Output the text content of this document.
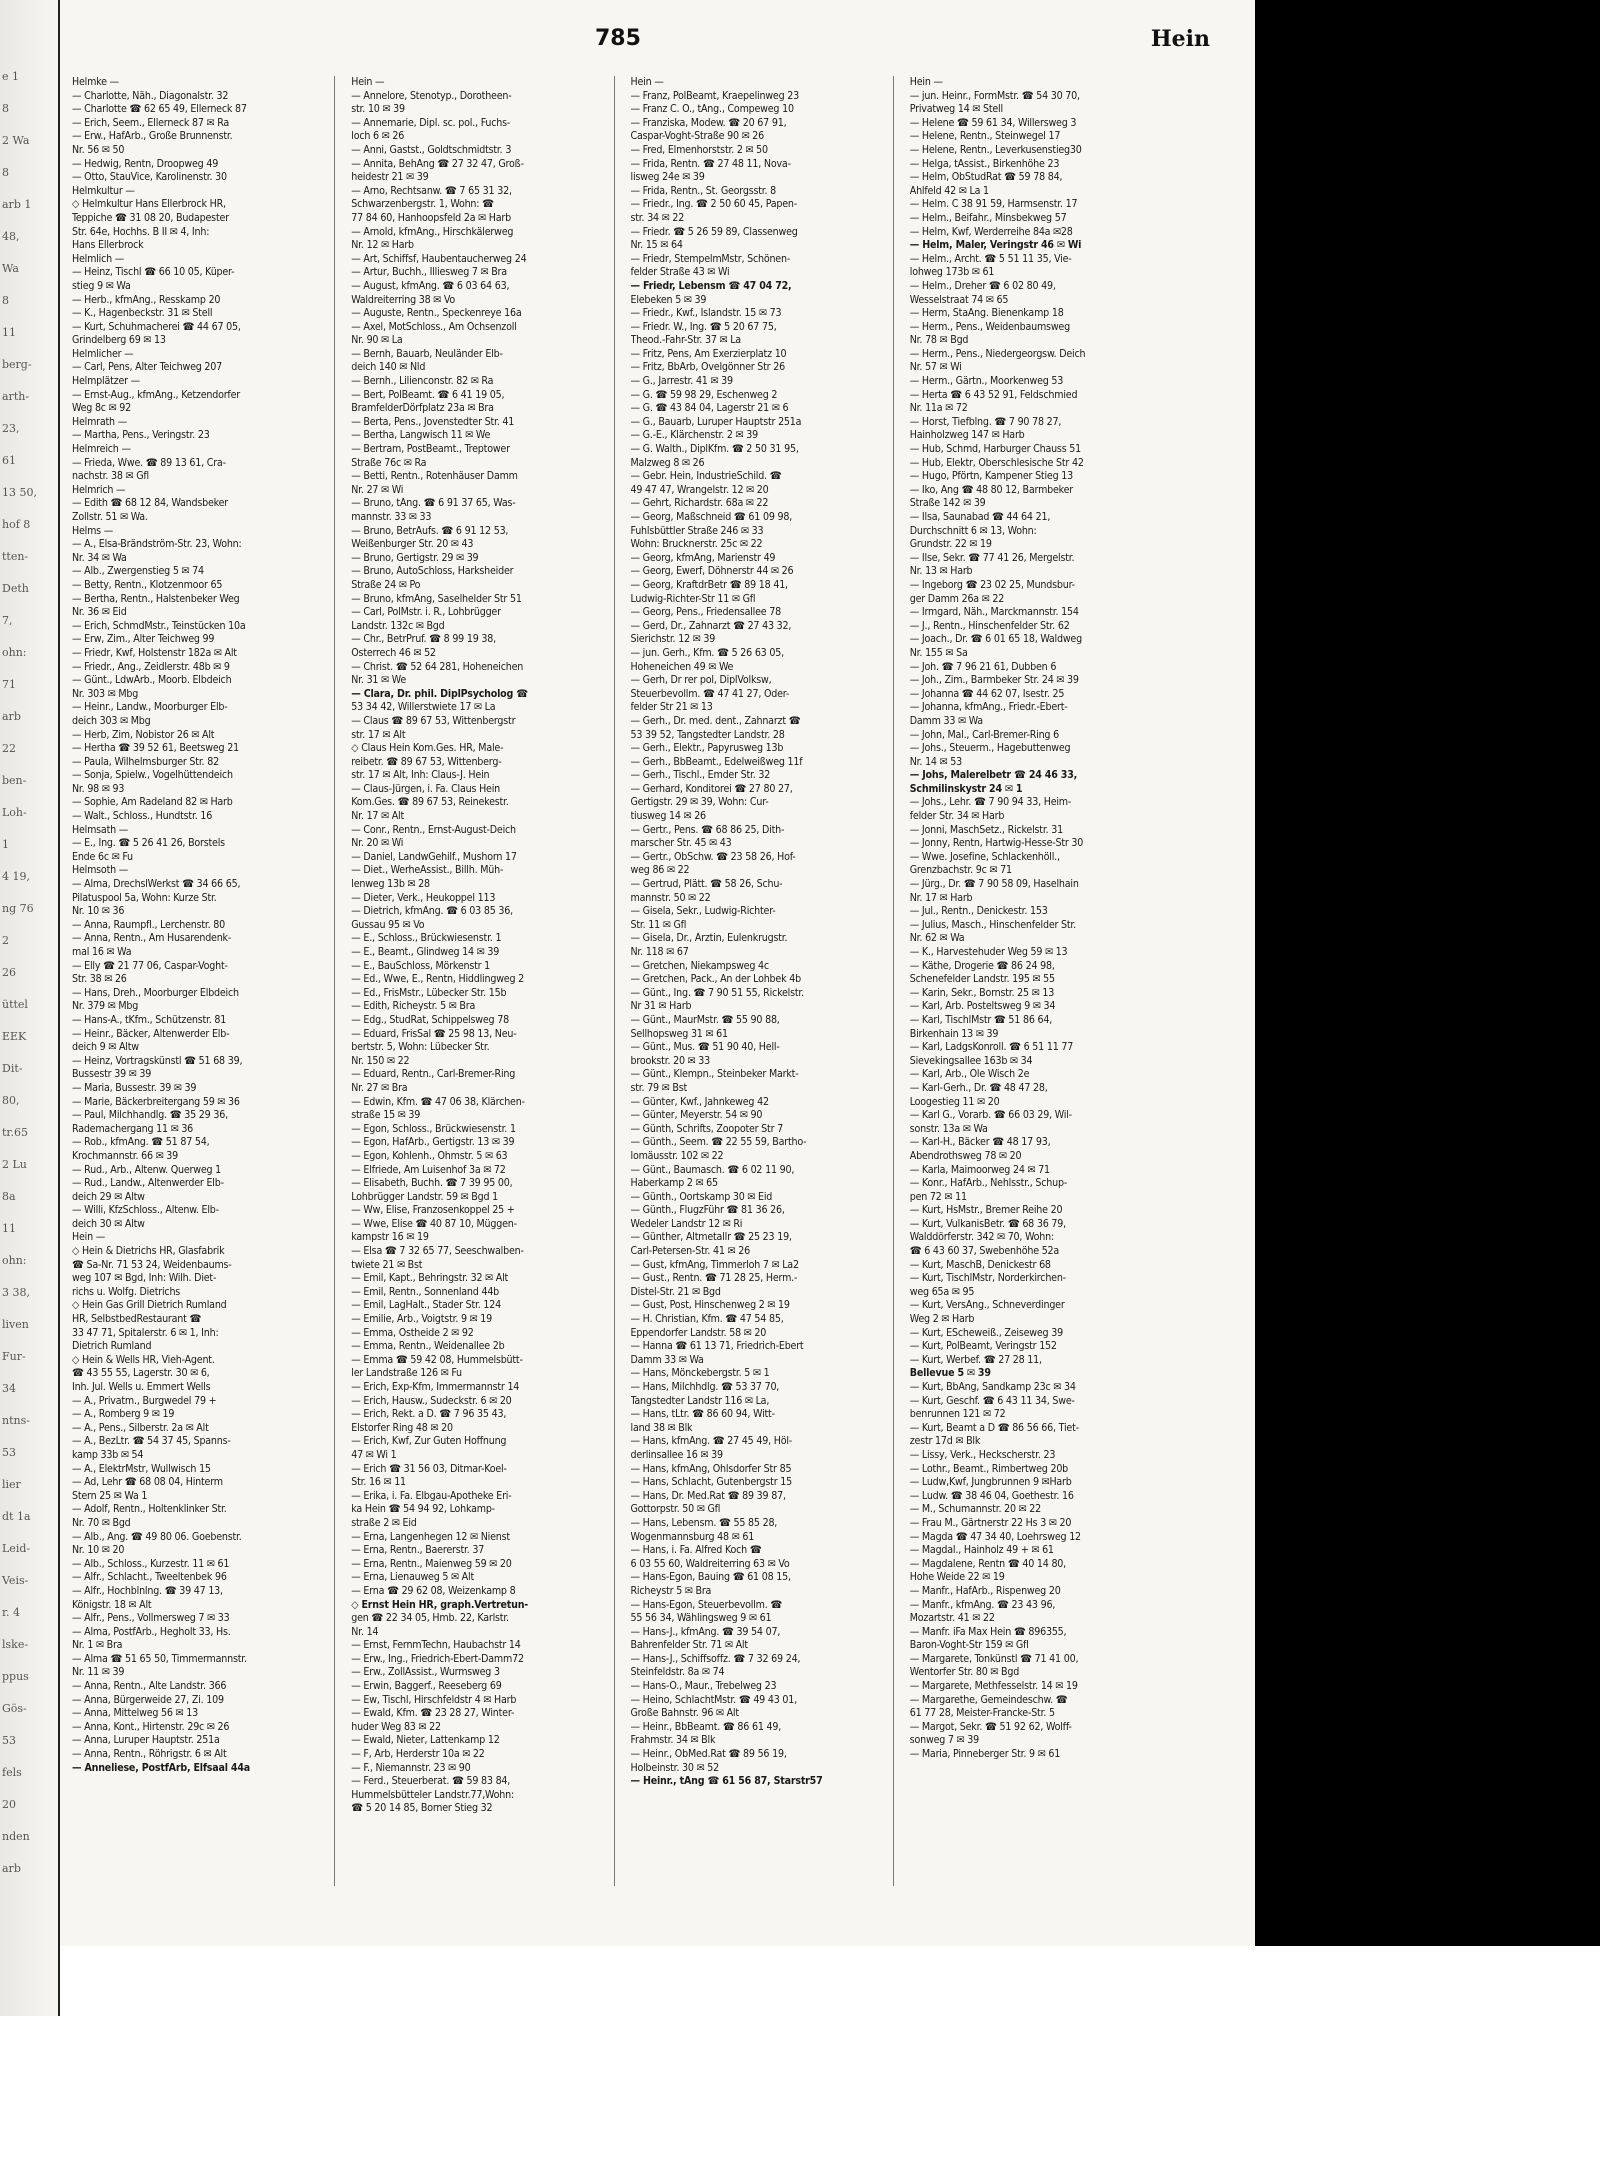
e 1
8
2 Wa
8
arb 1
48,
Wa
8
11
berg-
arth-
23,
61
13 50,
hof 8
tten-
Deth
7,
ohn:
71
arb
22
ben-
Loh-
1
4 19,
ng 76
2
26
üttel
EEK
Dit-
80,
tr.65
2 Lu
8a
11
ohn:
3 38,
liven
Fur-
34
ntns-
53
lier
dt 1a
Leid-
Veis-
r. 4
lske-
ppus
Gös-
53
fels
20
nden
arb
785	Hein
Helmke —
— Charlotte, Näh., Diagonalstr. 32
— Charlotte ☎ 62 65 49, Ellerneck 87
— Erich, Seem., Ellerneck 87 ✉ Ra
— Erw., HafArb., Große Brunnenstr.
Nr. 56 ✉ 50
— Hedwig, Rentn, Droopweg 49
— Otto, StauVice, Karolinenstr. 30
Helmkultur —
◇ Helmkultur Hans Ellerbrock HR,
Teppiche ☎ 31 08 20, Budapester
Str. 64e, Hochhs. B II ✉ 4, Inh:
Hans Ellerbrock
Helmlich —
— Heinz, Tischl ☎ 66 10 05, Küper-
stieg 9 ✉ Wa
— Herb., kfmAng., Resskamp 20
— K., Hagenbeckstr. 31 ✉ Stell
— Kurt, Schuhmacherei ☎ 44 67 05,
Grindelberg 69 ✉ 13
Helmlicher —
— Carl, Pens, Alter Teichweg 207
Helmplätzer —
— Ernst-Aug., kfmAng., Ketzendorfer
Weg 8c ✉ 92
Helmrath —
— Martha, Pens., Veringstr. 23
Helmreich —
— Frieda, Wwe. ☎ 89 13 61, Cra-
nachstr. 38 ✉ Gfl
Helmrich —
— Edith ☎ 68 12 84, Wandsbeker
Zollstr. 51 ✉ Wa.
Helms —
— A., Elsa-Brändström-Str. 23, Wohn:
Nr. 34 ✉ Wa
— Alb., Zwergenstieg 5 ✉ 74
— Betty, Rentn., Klotzenmoor 65
— Bertha, Rentn., Halstenbeker Weg
Nr. 36 ✉ Eid
— Erich, SchmdMstr., Teinstücken 10a
— Erw, Zim., Alter Teichweg 99
— Friedr, Kwf, Holstenstr 182a ✉ Alt
— Friedr., Ang., Zeidlerstr. 48b ✉ 9
— Günt., LdwArb., Moorb. Elbdeich
Nr. 303 ✉ Mbg
— Heinr., Landw., Moorburger Elb-
deich 303 ✉ Mbg
— Herb, Zim, Nobistor 26 ✉ Alt
— Hertha ☎ 39 52 61, Beetsweg 21
— Paula, Wilhelmsburger Str. 82
— Sonja, Spielw., Vogelhüttendeich
Nr. 98 ✉ 93
— Sophie, Am Radeland 82 ✉ Harb
— Walt., Schloss., Hundtstr. 16
Helmsath —
— E., Ing. ☎ 5 26 41 26, Borstels
Ende 6c ✉ Fu
Helmsoth —
— Alma, DrechslWerkst ☎ 34 66 65,
Pilatuspool 5a, Wohn: Kurze Str.
Nr. 10 ✉ 36
— Anna, Raumpfl., Lerchenstr. 80
— Anna, Rentn., Am Husarendenk-
mal 16 ✉ Wa
— Elly ☎ 21 77 06, Caspar-Voght-
Str. 38 ✉ 26
— Hans, Dreh., Moorburger Elbdeich
Nr. 379 ✉ Mbg
— Hans-A., tKfm., Schützenstr. 81
— Heinr., Bäcker, Altenwerder Elb-
deich 9 ✉ Altw
— Heinz, Vortragskünstl ☎ 51 68 39,
Bussestr 39 ✉ 39
— Maria, Bussestr. 39 ✉ 39
— Marie, Bäckerbreitergang 59 ✉ 36
— Paul, Milchhandlg. ☎ 35 29 36,
Rademachergang 11 ✉ 36
— Rob., kfmAng. ☎ 51 87 54,
Krochmannstr. 66 ✉ 39
— Rud., Arb., Altenw. Querweg 1
— Rud., Landw., Altenwerder Elb-
deich 29 ✉ Altw
— Willi, KfzSchloss., Altenw. Elb-
deich 30 ✉ Altw
Hein —
◇ Hein & Dietrichs HR, Glasfabrik
☎ Sa-Nr. 71 53 24, Weidenbaums-
weg 107 ✉ Bgd, Inh: Wilh. Diet-
richs u. Wolfg. Dietrichs
◇ Hein Gas Grill Dietrich Rumland
HR, SelbstbedRestaurant ☎
33 47 71, Spitalerstr. 6 ✉ 1, Inh:
Dietrich Rumland
◇ Hein & Wells HR, Vieh-Agent.
☎ 43 55 55, Lagerstr. 30 ✉ 6,
Inh. Jul. Wells u. Emmert Wells
— A., Privatm., Burgwedel 79 +
— A., Romberg 9 ✉ 19
— A., Pens., Silberstr. 2a ✉ Alt
— A., BezLtr. ☎ 54 37 45, Spanns-
kamp 33b ✉ 54
— A., ElektrMstr, Wullwisch 15
— Ad, Lehr ☎ 68 08 04, Hinterm
Stern 25 ✉ Wa 1
— Adolf, Rentn., Holtenklinker Str.
Nr. 70 ✉ Bgd
— Alb., Ang. ☎ 49 80 06. Goebenstr.
Nr. 10 ✉ 20
— Alb., Schloss., Kurzestr. 11 ✉ 61
— Alfr., Schlacht., Tweeltenbek 96
— Alfr., Hochblnlng. ☎ 39 47 13,
Königstr. 18 ✉ Alt
— Alfr., Pens., Vollmersweg 7 ✉ 33
— Alma, PostfArb., Hegholt 33, Hs.
Nr. 1 ✉ Bra
— Alma ☎ 51 65 50, Timmermannstr.
Nr. 11 ✉ 39
— Anna, Rentn., Alte Landstr. 366
— Anna, Bürgerweide 27, Zi. 109
— Anna, Mittelweg 56 ✉ 13
— Anna, Kont., Hirtenstr. 29c ✉ 26
— Anna, Luruper Hauptstr. 251a
— Anna, Rentn., Röhrigstr. 6 ✉ Alt
— Anneliese, PostfArb, Elfsaal 44a
Hein —
— Annelore, Stenotyp., Dorotheen-
str. 10 ✉ 39
— Annemarie, Dipl. sc. pol., Fuchs-
loch 6 ✉ 26
— Anni, Gastst., Goldtschmidtstr. 3
— Annita, BehAng ☎ 27 32 47, Groß-
heidestr 21 ✉ 39
— Arno, Rechtsanw. ☎ 7 65 31 32,
Schwarzenbergstr. 1, Wohn: ☎
77 84 60, Hanhoopsfeld 2a ✉ Harb
— Arnold, kfmAng., Hirschkälerweg
Nr. 12 ✉ Harb
— Art, Schiffsf, Haubentaucherweg 24
— Artur, Buchh., Illiesweg 7 ✉ Bra
— August, kfmAng. ☎ 6 03 64 63,
Waldreiterring 38 ✉ Vo
— Auguste, Rentn., Speckenreye 16a
— Axel, MotSchloss., Am Ochsenzoll
Nr. 90 ✉ La
— Bernh, Bauarb, Neuländer Elb-
deich 140 ✉ Nld
— Bernh., Lilienconstr. 82 ✉ Ra
— Bert, PolBeamt. ☎ 6 41 19 05,
BramfelderDörfplatz 23a ✉ Bra
— Berta, Pens., Jovenstedter Str. 41
— Bertha, Langwisch 11 ✉ We
— Bertram, PostBeamt., Treptower
Straße 76c ✉ Ra
— Betti, Rentn., Rotenhäuser Damm
Nr. 27 ✉ Wi
— Bruno, tAng. ☎ 6 91 37 65, Was-
mannstr. 33 ✉ 33
— Bruno, BetrAufs. ☎ 6 91 12 53,
Weißenburger Str. 20 ✉ 43
— Bruno, Gertigstr. 29 ✉ 39
— Bruno, AutoSchloss, Harksheider
Straße 24 ✉ Po
— Bruno, kfmAng, Saselhelder Str 51
— Carl, PolMstr. i. R., Lohbrügger
Landstr. 132c ✉ Bgd
— Chr., BetrPruf. ☎ 8 99 19 38,
Osterrech 46 ✉ 52
— Christ. ☎ 52 64 281, Hoheneichen
Nr. 31 ✉ We
— Clara, Dr. phil. DiplPsycholog ☎
53 34 42, Willerstwiete 17 ✉ La
— Claus ☎ 89 67 53, Wittenbergstr
str. 17 ✉ Alt
◇ Claus Hein Kom.Ges. HR, Male-
reibetr. ☎ 89 67 53, Wittenberg-
str. 17 ✉ Alt, Inh: Claus-J. Hein
— Claus-Jürgen, i. Fa. Claus Hein
Kom.Ges. ☎ 89 67 53, Reinekestr.
Nr. 17 ✉ Alt
— Conr., Rentn., Ernst-August-Deich
Nr. 20 ✉ Wi
— Daniel, LandwGehilf., Mushorn 17
— Diet., WerheAssist., Billh. Müh-
lenweg 13b ✉ 28
— Dieter, Verk., Heukoppel 113
— Dietrich, kfmAng. ☎ 6 03 85 36,
Gussau 95 ✉ Vo
— E., Schloss., Brückwiesenstr. 1
— E., Beamt., Glindweg 14 ✉ 39
— E., BauSchloss, Mörkenstr 1
— Ed., Wwe, E., Rentn, Hiddlingweg 2
— Ed., FrisMstr., Lübecker Str. 15b
— Edith, Richeystr. 5 ✉ Bra
— Edg., StudRat, Schippelsweg 78
— Eduard, FrisSal ☎ 25 98 13, Neu-
bertstr. 5, Wohn: Lübecker Str.
Nr. 150 ✉ 22
— Eduard, Rentn., Carl-Bremer-Ring
Nr. 27 ✉ Bra
— Edwin, Kfm. ☎ 47 06 38, Klärchen-
straße 15 ✉ 39
— Egon, Schloss., Brückwiesenstr. 1
— Egon, HafArb., Gertigstr. 13 ✉ 39
— Egon, Kohlenh., Ohmstr. 5 ✉ 63
— Elfriede, Am Luisenhof 3a ✉ 72
— Elisabeth, Buchh. ☎ 7 39 95 00,
Lohbrügger Landstr. 59 ✉ Bgd 1
— Ww, Elise, Franzosenkoppel 25 +
— Wwe, Elise ☎ 40 87 10, Müggen-
kampstr 16 ✉ 19
— Elsa ☎ 7 32 65 77, Seeschwalben-
twiete 21 ✉ Bst
— Emil, Kapt., Behringstr. 32 ✉ Alt
— Emil, Rentn., Sonnenland 44b
— Emil, LagHalt., Stader Str. 124
— Emilie, Arb., Voigtstr. 9 ✉ 19
— Emma, Ostheide 2 ✉ 92
— Emma, Rentn., Weidenallee 2b
— Emma ☎ 59 42 08, Hummelsbütt-
ler Landstraße 126 ✉ Fu
— Erich, Exp-Kfm, Immermannstr 14
— Erich, Hausw., Sudeckstr. 6 ✉ 20
— Erich, Rekt. a D. ☎ 7 96 35 43,
Elstorfer Ring 48 ✉ 20
— Erich, Kwf, Zur Guten Hoffnung
47 ✉ Wi 1
— Erich ☎ 31 56 03, Ditmar-Koel-
Str. 16 ✉ 11
— Erika, i. Fa. Elbgau-Apotheke Eri-
ka Hein ☎ 54 94 92, Lohkamp-
straße 2 ✉ Eid
— Erna, Langenhegen 12 ✉ Nienst
— Erna, Rentn., Baererstr. 37
— Erna, Rentn., Maienweg 59 ✉ 20
— Erna, Lienauweg 5 ✉ Alt
— Erna ☎ 29 62 08, Weizenkamp 8
◇ Ernst Hein HR, graph.Vertretun-
gen ☎ 22 34 05, Hmb. 22, Karlstr.
Nr. 14
— Ernst, FernmTechn, Haubachstr 14
— Erw., Ing., Friedrich-Ebert-Damm72
— Erw., ZollAssist., Wurmsweg 3
— Erwin, Baggerf., Reeseberg 69
— Ew, Tischl, Hirschfeldstr 4 ✉ Harb
— Ewald, Kfm. ☎ 23 28 27, Winter-
huder Weg 83 ✉ 22
— Ewald, Nieter, Lattenkamp 12
— F, Arb, Herderstr 10a ✉ 22
— F., Niemannstr. 23 ✉ 90
— Ferd., Steuerberat. ☎ 59 83 84,
Hummelsbütteler Landstr.77,Wohn:
☎ 5 20 14 85, Borner Stieg 32
Hein —
— Franz, PolBeamt, Kraepelinweg 23
— Franz C. O., tAng., Compeweg 10
— Franziska, Modew. ☎ 20 67 91,
Caspar-Voght-Straße 90 ✉ 26
— Fred, Elmenhorststr. 2 ✉ 50
— Frida, Rentn. ☎ 27 48 11, Nova-
lisweg 24e ✉ 39
— Frida, Rentn., St. Georgsstr. 8
— Friedr., Ing. ☎ 2 50 60 45, Papen-
str. 34 ✉ 22
— Friedr. ☎ 5 26 59 89, Classenweg
Nr. 15 ✉ 64
— Friedr, StempelmMstr, Schönen-
felder Straße 43 ✉ Wi
— Friedr, Lebensm ☎ 47 04 72,
Elebeken 5 ✉ 39
— Friedr., Kwf., Islandstr. 15 ✉ 73
— Friedr. W., Ing. ☎ 5 20 67 75,
Theod.-Fahr-Str. 37 ✉ La
— Fritz, Pens, Am Exerzierplatz 10
— Fritz, BbArb, Ovelgönner Str 26
— G., Jarrestr. 41 ✉ 39
— G. ☎ 59 98 29, Eschenweg 2
— G. ☎ 43 84 04, Lagerstr 21 ✉ 6
— G., Bauarb, Luruper Hauptstr 251a
— G.-E., Klärchenstr. 2 ✉ 39
— G. Walth., DiplKfm. ☎ 2 50 31 95,
Malzweg 8 ✉ 26
— Gebr. Hein, IndustrieSchild. ☎
49 47 47, Wrangelstr. 12 ✉ 20
— Gehrt, Richardstr. 68a ✉ 22
— Georg, Maßschneid ☎ 61 09 98,
Fuhlsbüttler Straße 246 ✉ 33
Wohn: Brucknerstr. 25c ✉ 22
— Georg, kfmAng, Marienstr 49
— Georg, Ewerf, Döhnerstr 44 ✉ 26
— Georg, KraftdrBetr ☎ 89 18 41,
Ludwig-Richter-Str 11 ✉ Gfl
— Georg, Pens., Friedensallee 78
— Gerd, Dr., Zahnarzt ☎ 27 43 32,
Sierichstr. 12 ✉ 39
— jun. Gerh., Kfm. ☎ 5 26 63 05,
Hoheneichen 49 ✉ We
— Gerh, Dr rer pol, DiplVolksw,
Steuerbevollm. ☎ 47 41 27, Oder-
felder Str 21 ✉ 13
— Gerh., Dr. med. dent., Zahnarzt ☎
53 39 52, Tangstedter Landstr. 28
— Gerh., Elektr., Papyrusweg 13b
— Gerh., BbBeamt., Edelweißweg 11f
— Gerh., Tischl., Emder Str. 32
— Gerhard, Konditorei ☎ 27 80 27,
Gertigstr. 29 ✉ 39, Wohn: Cur-
tiusweg 14 ✉ 26
— Gertr., Pens. ☎ 68 86 25, Dith-
marscher Str. 45 ✉ 43
— Gertr., ObSchw. ☎ 23 58 26, Hof-
weg 86 ✉ 22
— Gertrud, Plätt. ☎ 58 26, Schu-
mannstr. 50 ✉ 22
— Gisela, Sekr., Ludwig-Richter-
Str. 11 ✉ Gfl
— Gisela, Dr., Ärztin, Eulenkrugstr.
Nr. 118 ✉ 67
— Gretchen, Niekampsweg 4c
— Gretchen, Pack., An der Lohbek 4b
— Günt., Ing. ☎ 7 90 51 55, Rickelstr.
Nr 31 ✉ Harb
— Günt., MaurMstr. ☎ 55 90 88,
Sellhopsweg 31 ✉ 61
— Günt., Mus. ☎ 51 90 40, Hell-
brookstr. 20 ✉ 33
— Günt., Klempn., Steinbeker Markt-
str. 79 ✉ Bst
— Günter, Kwf., Jahnkeweg 42
— Günter, Meyerstr. 54 ✉ 90
— Günth, Schrifts, Zoopoter Str 7
— Günth., Seem. ☎ 22 55 59, Bartho-
lomäusstr. 102 ✉ 22
— Günt., Baumasch. ☎ 6 02 11 90,
Haberkamp 2 ✉ 65
— Günth., Oortskamp 30 ✉ Eid
— Günth., FlugzFühr ☎ 81 36 26,
Wedeler Landstr 12 ✉ Ri
— Günther, Altmetallr ☎ 25 23 19,
Carl-Petersen-Str. 41 ✉ 26
— Gust, kfmAng, Timmerloh 7 ✉ La2
— Gust., Rentn. ☎ 71 28 25, Herm.-
Distel-Str. 21 ✉ Bgd
— Gust, Post, Hinschenweg 2 ✉ 19
— H. Christian, Kfm. ☎ 47 54 85,
Eppendorfer Landstr. 58 ✉ 20
— Hanna ☎ 61 13 71, Friedrich-Ebert
Damm 33 ✉ Wa
— Hans, Mönckebergstr. 5 ✉ 1
— Hans, Milchhdlg. ☎ 53 37 70,
Tangstedter Landstr 116 ✉ La,
— Hans, tLtr. ☎ 86 60 94, Witt-
land 38 ✉ Blk
— Hans, kfmAng. ☎ 27 45 49, Höl-
derlinsallee 16 ✉ 39
— Hans, kfmAng, Ohlsdorfer Str 85
— Hans, Schlacht, Gutenbergstr 15
— Hans, Dr. Med.Rat ☎ 89 39 87,
Gottorpstr. 50 ✉ Gfl
— Hans, Lebensm. ☎ 55 85 28,
Wogenmannsburg 48 ✉ 61
— Hans, i. Fa. Alfred Koch ☎
6 03 55 60, Waldreiterring 63 ✉ Vo
— Hans-Egon, Bauing ☎ 61 08 15,
Richeystr 5 ✉ Bra
— Hans-Egon, Steuerbevollm. ☎
55 56 34, Wählingsweg 9 ✉ 61
— Hans-J., kfmAng. ☎ 39 54 07,
Bahrenfelder Str. 71 ✉ Alt
— Hans-J., Schiffsoffz. ☎ 7 32 69 24,
Steinfeldstr. 8a ✉ 74
— Hans-O., Maur., Trebelweg 23
— Heino, SchlachtMstr. ☎ 49 43 01,
Große Bahnstr. 96 ✉ Alt
— Heinr., BbBeamt. ☎ 86 61 49,
Frahmstr. 34 ✉ Blk
— Heinr., ObMed.Rat ☎ 89 56 19,
Holbeinstr. 30 ✉ 52
— Heinr., tAng ☎ 61 56 87, Starstr57
Hein —
— jun. Heinr., FormMstr. ☎ 54 30 70,
Privatweg 14 ✉ Stell
— Helene ☎ 59 61 34, Willersweg 3
— Helene, Rentn., Steinwegel 17
— Helene, Rentn., Leverkusenstieg30
— Helga, tAssist., Birkenhöhe 23
— Helm, ObStudRat ☎ 59 78 84,
Ahlfeld 42 ✉ La 1
— Helm. C 38 91 59, Harmsenstr. 17
— Helm., Beifahr., Minsbekweg 57
— Helm, Kwf, Werderreihe 84a ✉28
— Helm, Maler, Veringstr 46 ✉ Wi
— Helm., Archt. ☎ 5 51 11 35, Vie-
lohweg 173b ✉ 61
— Helm., Dreher ☎ 6 02 80 49,
Wesselstraat 74 ✉ 65
— Herm, StaAng. Bienenkamp 18
— Herm., Pens., Weidenbaumsweg
Nr. 78 ✉ Bgd
— Herm., Pens., Niedergeorgsw. Deich
Nr. 57 ✉ Wi
— Herm., Gärtn., Moorkenweg 53
— Herta ☎ 6 43 52 91, Feldschmied
Nr. 11a ✉ 72
— Horst, Tiefblng. ☎ 7 90 78 27,
Hainholzweg 147 ✉ Harb
— Hub, Schmd, Harburger Chauss 51
— Hub, Elektr, Oberschlesische Str 42
— Hugo, Pförtn, Kampener Stieg 13
— Iko, Ang ☎ 48 80 12, Barmbeker
Straße 142 ✉ 39
— Ilsa, Saunabad ☎ 44 64 21,
Durchschnitt 6 ✉ 13, Wohn:
Grundstr. 22 ✉ 19
— Ilse, Sekr. ☎ 77 41 26, Mergelstr.
Nr. 13 ✉ Harb
— Ingeborg ☎ 23 02 25, Mundsbur-
ger Damm 26a ✉ 22
— Irmgard, Näh., Marckmannstr. 154
— J., Rentn., Hinschenfelder Str. 62
— Joach., Dr. ☎ 6 01 65 18, Waldweg
Nr. 155 ✉ Sa
— Joh. ☎ 7 96 21 61, Dubben 6
— Joh., Zim., Barmbeker Str. 24 ✉ 39
— Johanna ☎ 44 62 07, Isestr. 25
— Johanna, kfmAng., Friedr.-Ebert-
Damm 33 ✉ Wa
— John, Mal., Carl-Bremer-Ring 6
— Johs., Steuerm., Hagebuttenweg
Nr. 14 ✉ 53
— Johs, Malerelbetr ☎ 24 46 33,
Schmilinskystr 24 ✉ 1
— Johs., Lehr. ☎ 7 90 94 33, Heim-
felder Str. 34 ✉ Harb
— Jonni, MaschSetz., Rickelstr. 31
— Jonny, Rentn, Hartwig-Hesse-Str 30
— Wwe. Josefine, Schlackenhöll.,
Grenzbachstr. 9c ✉ 71
— Jürg., Dr. ☎ 7 90 58 09, Haselhain
Nr. 17 ✉ Harb
— Jul., Rentn., Denickestr. 153
— Julius, Masch., Hinschenfelder Str.
Nr. 62 ✉ Wa
— K., Harvestehuder Weg 59 ✉ 13
— Käthe, Drogerie ☎ 86 24 98,
Schenefelder Landstr. 195 ✉ 55
— Karin, Sekr., Bornstr. 25 ✉ 13
— Karl, Arb. Posteltsweg 9 ✉ 34
— Karl, TischlMstr ☎ 51 86 64,
Birkenhain 13 ✉ 39
— Karl, LadgsKonroll. ☎ 6 51 11 77
Sievekingsallee 163b ✉ 34
— Karl, Arb., Ole Wisch 2e
— Karl-Gerh., Dr. ☎ 48 47 28,
Loogestieg 11 ✉ 20
— Karl G., Vorarb. ☎ 66 03 29, Wil-
sonstr. 13a ✉ Wa
— Karl-H., Bäcker ☎ 48 17 93,
Abendrothsweg 78 ✉ 20
— Karla, Maimoorweg 24 ✉ 71
— Konr., HafArb., Nehlsstr., Schup-
pen 72 ✉ 11
— Kurt, HsMstr., Bremer Reihe 20
— Kurt, VulkanisBetr. ☎ 68 36 79,
Walddörferstr. 342 ✉ 70, Wohn:
☎ 6 43 60 37, Swebenhöhe 52a
— Kurt, MaschB, Denickestr 68
— Kurt, TischlMstr, Norderkirchen-
weg 65a ✉ 95
— Kurt, VersAng., Schneverdinger
Weg 2 ✉ Harb
— Kurt, EScheweiß., Zeiseweg 39
— Kurt, PolBeamt, Veringstr 152
— Kurt, Werbef. ☎ 27 28 11,
Bellevue 5 ✉ 39
— Kurt, BbAng, Sandkamp 23c ✉ 34
— Kurt, Geschf. ☎ 6 43 11 34, Swe-
benrunnen 121 ✉ 72
— Kurt, Beamt a D ☎ 86 56 66, Tiet-
zestr 17d ✉ Blk
— Lissy, Verk., Heckscherstr. 23
— Lothr., Beamt., Rimbertweg 20b
— Ludw,Kwf, Jungbrunnen 9 ✉Harb
— Ludw. ☎ 38 46 04, Goethestr. 16
— M., Schumannstr. 20 ✉ 22
— Frau M., Gärtnerstr 22 Hs 3 ✉ 20
— Magda ☎ 47 34 40, Loehrsweg 12
— Magdal., Hainholz 49 + ✉ 61
— Magdalene, Rentn ☎ 40 14 80,
Hohe Weide 22 ✉ 19
— Manfr., HafArb., Rispenweg 20
— Manfr., kfmAng. ☎ 23 43 96,
Mozartstr. 41 ✉ 22
— Manfr. iFa Max Hein ☎ 896355,
Baron-Voght-Str 159 ✉ Gfl
— Margarete, Tonkünstl ☎ 71 41 00,
Wentorfer Str. 80 ✉ Bgd
— Margarete, Methfesselstr. 14 ✉ 19
— Margarethe, Gemeindeschw. ☎
61 77 28, Meister-Francke-Str. 5
— Margot, Sekr. ☎ 51 92 62, Wolff-
sonweg 7 ✉ 39
— Maria, Pinneberger Str. 9 ✉ 61
